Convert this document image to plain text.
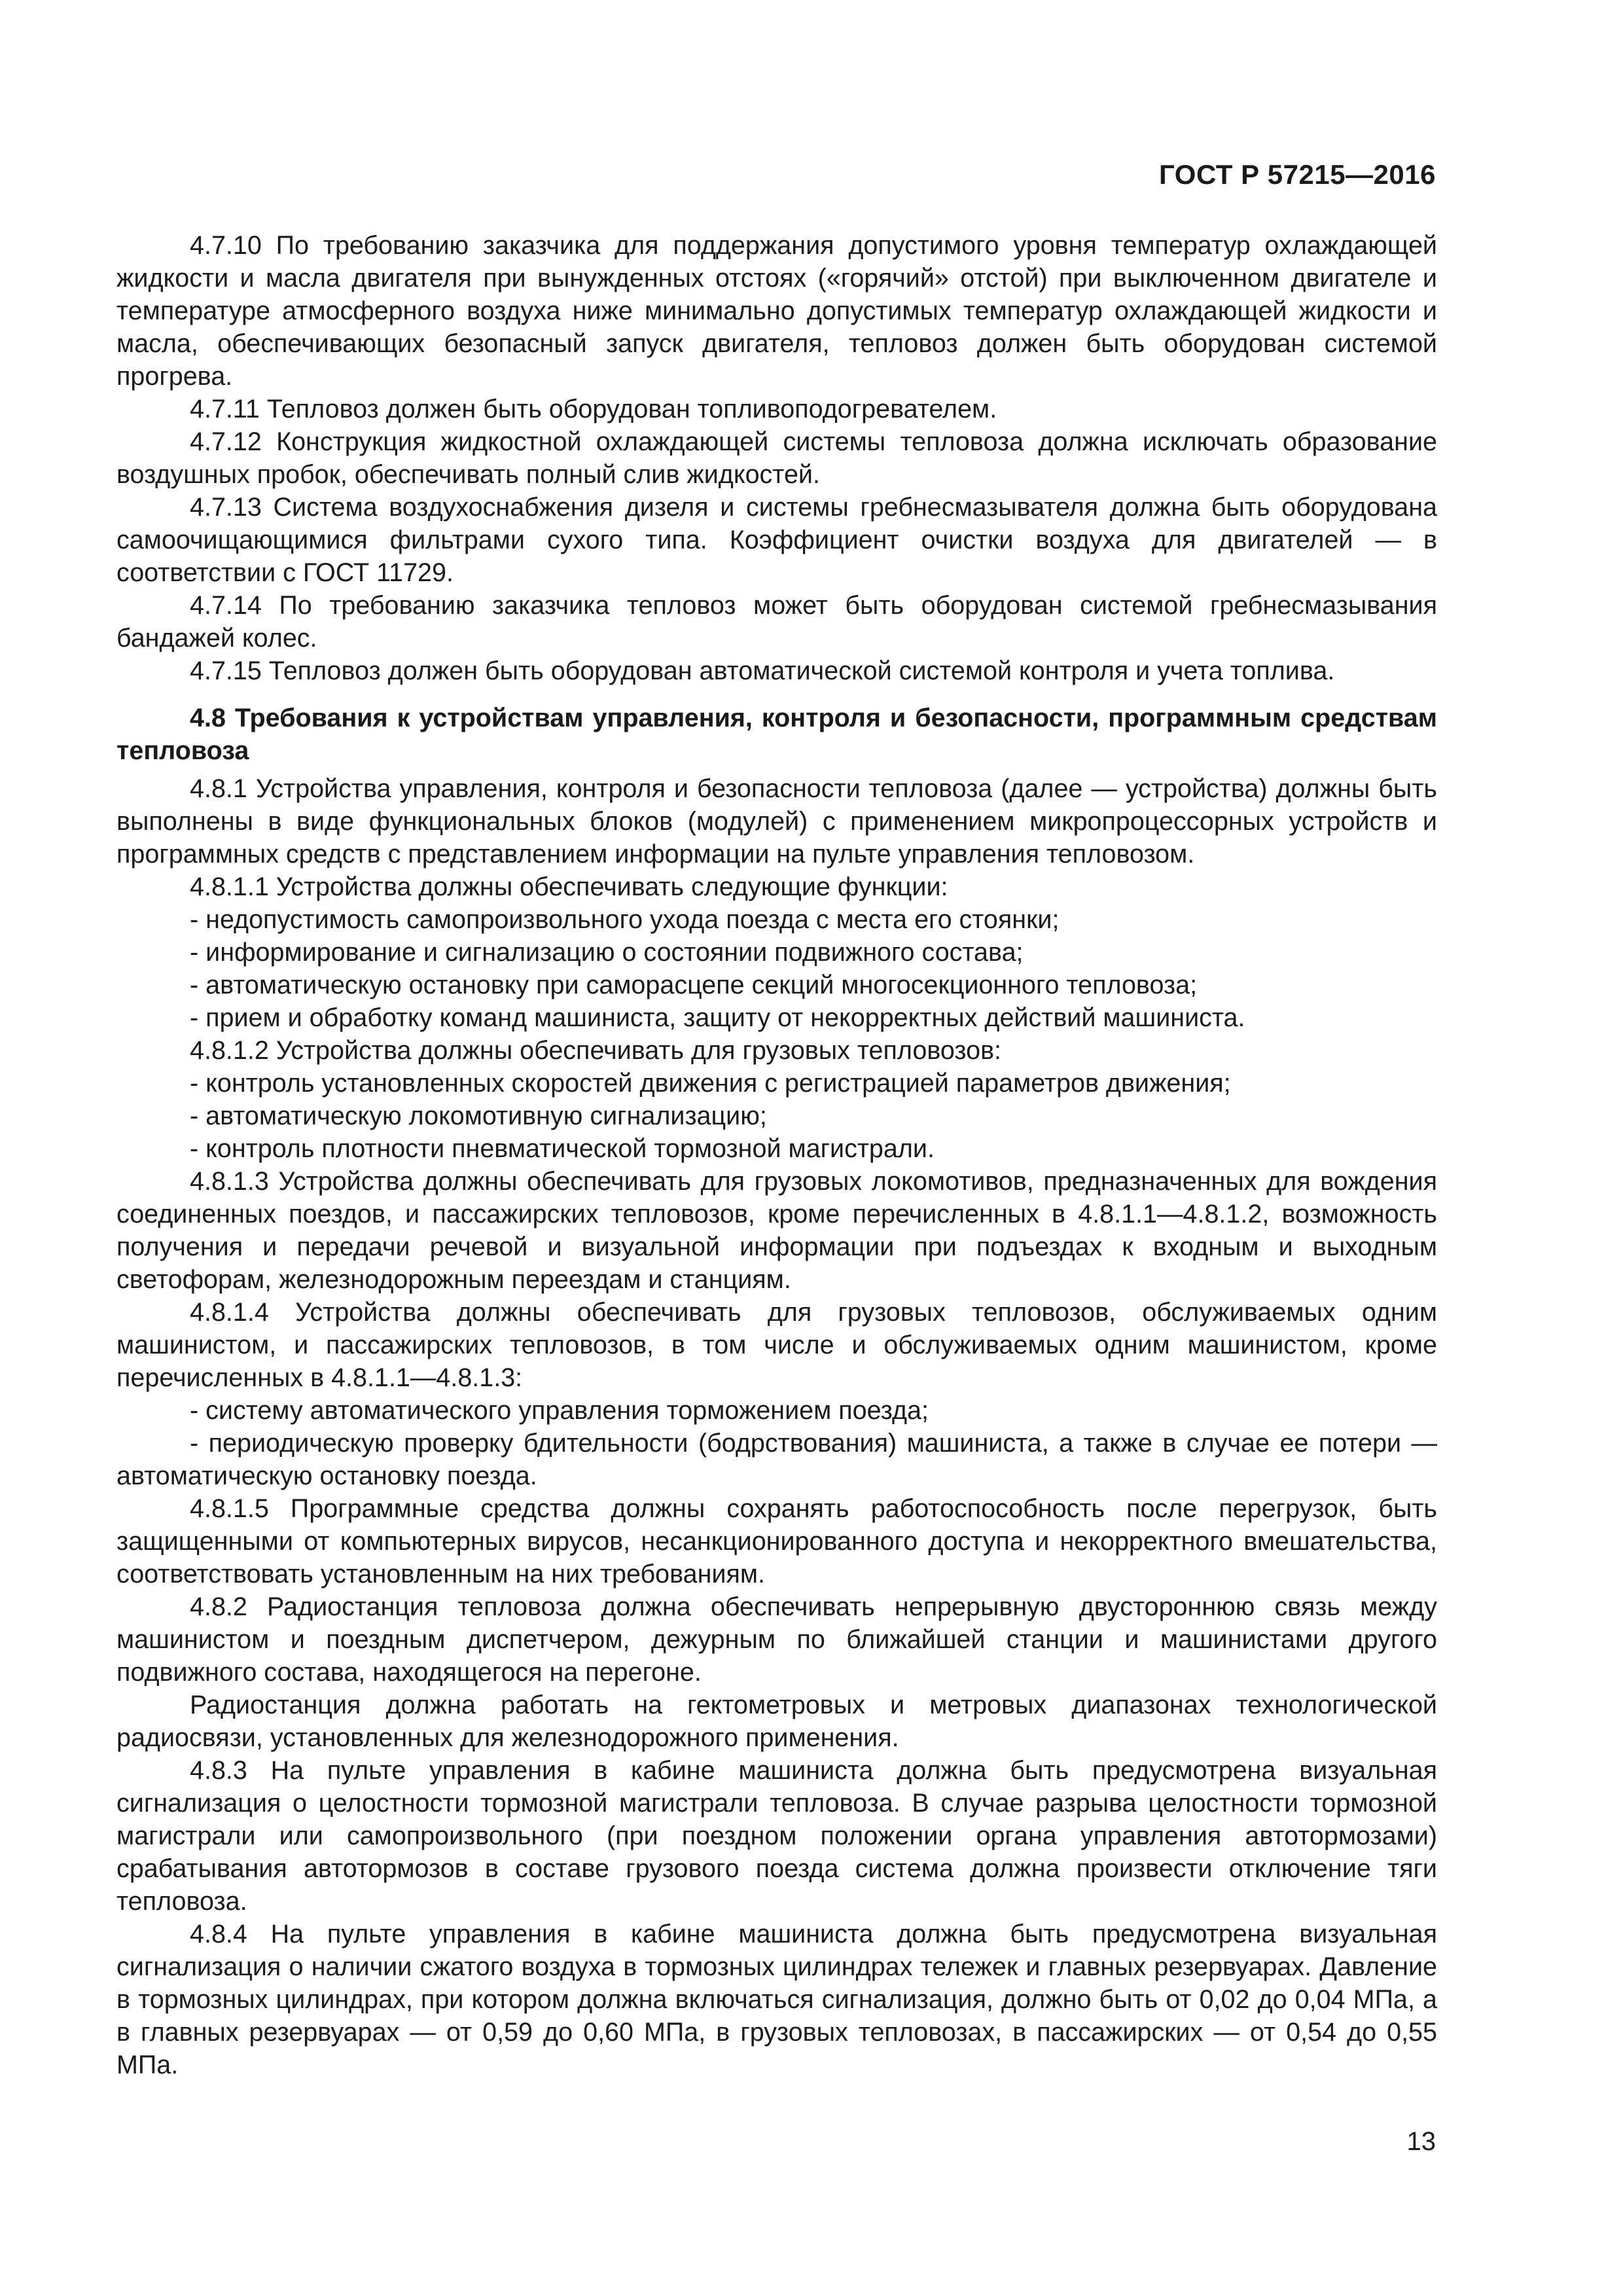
ГОСТ Р 57215—2016

4.7.10 По требованию заказчика для поддержания допустимого уровня температур охлаждающей жидкости и масла двигателя при вынужденных отстоях («горячий» отстой) при выключенном двигателе и температуре атмосферного воздуха ниже минимально допустимых температур охлаждающей жидкости и масла, обеспечивающих безопасный запуск двигателя, тепловоз должен быть оборудован системой прогрева.

4.7.11 Тепловоз должен быть оборудован топливоподогревателем.

4.7.12 Конструкция жидкостной охлаждающей системы тепловоза должна исключать образование воздушных пробок, обеспечивать полный слив жидкостей.

4.7.13 Система воздухоснабжения дизеля и системы гребнесмазывателя должна быть оборудована самоочищающимися фильтрами сухого типа. Коэффициент очистки воздуха для двигателей — в соответствии с ГОСТ 11729.

4.7.14 По требованию заказчика тепловоз может быть оборудован системой гребнесмазывания бандажей колес.

4.7.15 Тепловоз должен быть оборудован автоматической системой контроля и учета топлива.

4.8 Требования к устройствам управления, контроля и безопасности, программным средствам тепловоза

4.8.1 Устройства управления, контроля и безопасности тепловоза (далее — устройства) должны быть выполнены в виде функциональных блоков (модулей) с применением микропроцессорных устройств и программных средств с представлением информации на пульте управления тепловозом.

4.8.1.1 Устройства должны обеспечивать следующие функции:

- недопустимость самопроизвольного ухода поезда с места его стоянки;

- информирование и сигнализацию о состоянии подвижного состава;

- автоматическую остановку при саморасцепе секций многосекционного тепловоза;

- прием и обработку команд машиниста, защиту от некорректных действий машиниста.

4.8.1.2 Устройства должны обеспечивать для грузовых тепловозов:

- контроль установленных скоростей движения с регистрацией параметров движения;

- автоматическую локомотивную сигнализацию;

- контроль плотности пневматической тормозной магистрали.

4.8.1.3 Устройства должны обеспечивать для грузовых локомотивов, предназначенных для вождения соединенных поездов, и пассажирских тепловозов, кроме перечисленных в 4.8.1.1—4.8.1.2, возможность получения и передачи речевой и визуальной информации при подъездах к входным и выходным светофорам, железнодорожным переездам и станциям.

4.8.1.4 Устройства должны обеспечивать для грузовых тепловозов, обслуживаемых одним машинистом, и пассажирских тепловозов, в том числе и обслуживаемых одним машинистом, кроме перечисленных в 4.8.1.1—4.8.1.3:

- систему автоматического управления торможением поезда;

- периодическую проверку бдительности (бодрствования) машиниста, а также в случае ее потери — автоматическую остановку поезда.

4.8.1.5 Программные средства должны сохранять работоспособность после перегрузок, быть защищенными от компьютерных вирусов, несанкционированного доступа и некорректного вмешательства, соответствовать установленным на них требованиям.

4.8.2 Радиостанция тепловоза должна обеспечивать непрерывную двустороннюю связь между машинистом и поездным диспетчером, дежурным по ближайшей станции и машинистами другого подвижного состава, находящегося на перегоне.

Радиостанция должна работать на гектометровых и метровых диапазонах технологической радиосвязи, установленных для железнодорожного применения.

4.8.3 На пульте управления в кабине машиниста должна быть предусмотрена визуальная сигнализация о целостности тормозной магистрали тепловоза. В случае разрыва целостности тормозной магистрали или самопроизвольного (при поездном положении органа управления автотормозами) срабатывания автотормозов в составе грузового поезда система должна произвести отключение тяги тепловоза.

4.8.4 На пульте управления в кабине машиниста должна быть предусмотрена визуальная сигнализация о наличии сжатого воздуха в тормозных цилиндрах тележек и главных резервуарах. Давление в тормозных цилиндрах, при котором должна включаться сигнализация, должно быть от 0,02 до 0,04 МПа, а в главных резервуарах — от 0,59 до 0,60 МПа, в грузовых тепловозах, в пассажирских — от 0,54 до 0,55 МПа.

13
